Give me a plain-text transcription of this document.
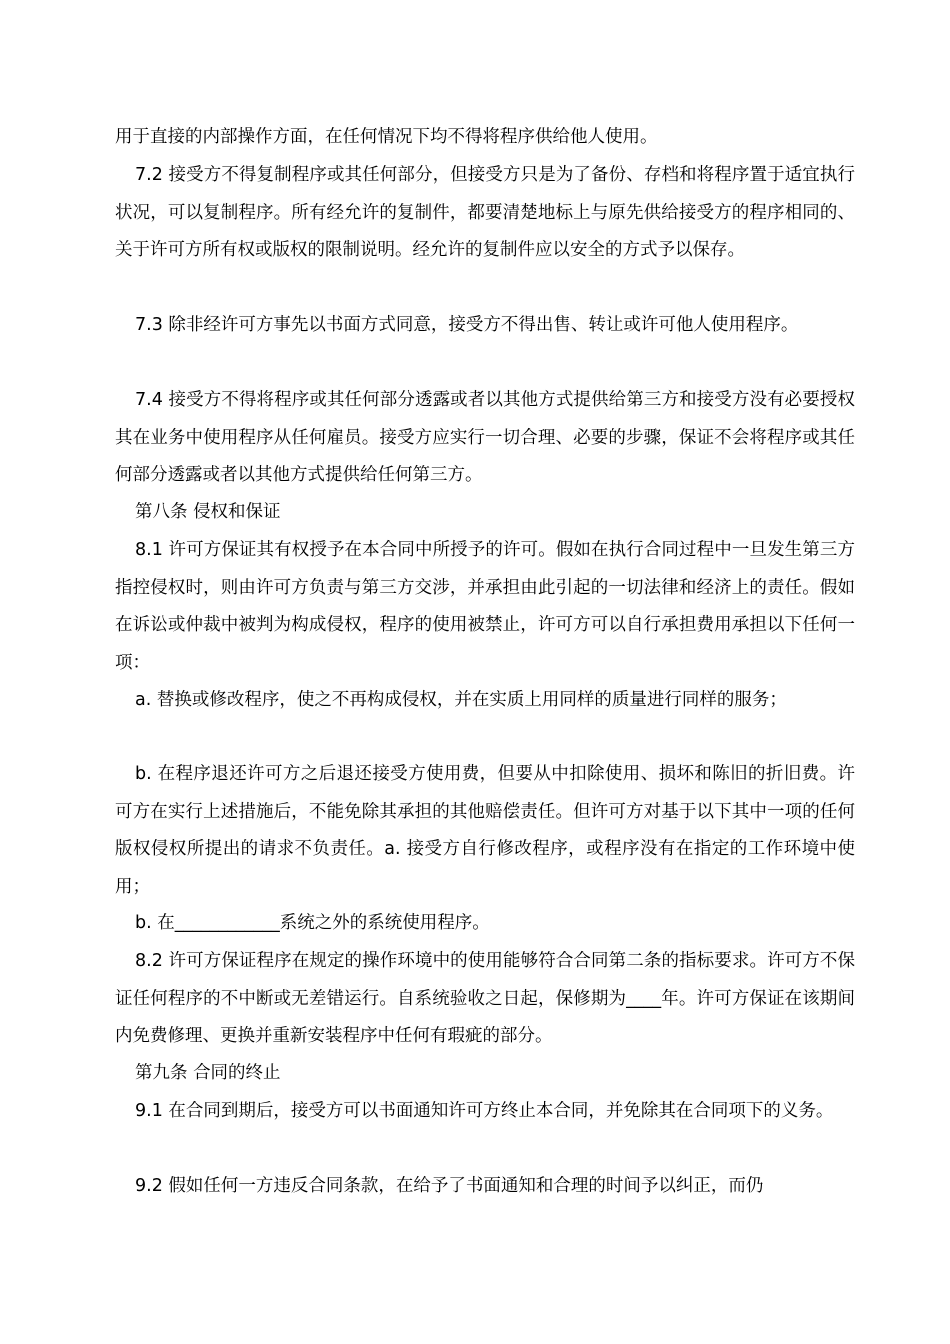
用于直接的内部操作方面，在任何情况下均不得将程序供给他人使用。

7.2 接受方不得复制程序或其任何部分，但接受方只是为了备份、存档和将程序置于适宜执行状况，可以复制程序。所有经允许的复制件，都要清楚地标上与原先供给接受方的程序相同的、关于许可方所有权或版权的限制说明。经允许的复制件应以安全的方式予以保存。

7.3 除非经许可方事先以书面方式同意，接受方不得出售、转让或许可他人使用程序。

7.4 接受方不得将程序或其任何部分透露或者以其他方式提供给第三方和接受方没有必要授权其在业务中使用程序从任何雇员。接受方应实行一切合理、必要的步骤，保证不会将程序或其任何部分透露或者以其他方式提供给任何第三方。

第八条 侵权和保证

8.1 许可方保证其有权授予在本合同中所授予的许可。假如在执行合同过程中一旦发生第三方指控侵权时，则由许可方负责与第三方交涉，并承担由此引起的一切法律和经济上的责任。假如在诉讼或仲裁中被判为构成侵权，程序的使用被禁止，许可方可以自行承担费用承担以下任何一项：

a. 替换或修改程序，使之不再构成侵权，并在实质上用同样的质量进行同样的服务；

b. 在程序退还许可方之后退还接受方使用费，但要从中扣除使用、损坏和陈旧的折旧费。许可方在实行上述措施后，不能免除其承担的其他赔偿责任。但许可方对基于以下其中一项的任何版权侵权所提出的请求不负责任。a. 接受方自行修改程序，或程序没有在指定的工作环境中使用；

b. 在____________系统之外的系统使用程序。

8.2 许可方保证程序在规定的操作环境中的使用能够符合合同第二条的指标要求。许可方不保证任何程序的不中断或无差错运行。自系统验收之日起，保修期为____年。许可方保证在该期间内免费修理、更换并重新安装程序中任何有瑕疵的部分。

第九条 合同的终止

9.1 在合同到期后，接受方可以书面通知许可方终止本合同，并免除其在合同项下的义务。

9.2 假如任何一方违反合同条款，在给予了书面通知和合理的时间予以纠正，而仍
